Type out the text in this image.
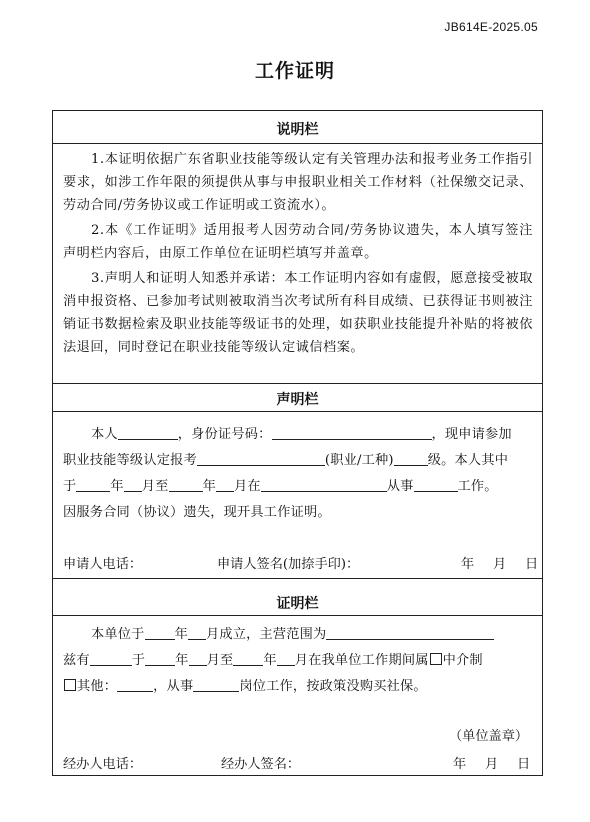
JB614E-2025.05
工作证明
说明栏
1.本证明依据广东省职业技能等级认定有关管理办法和报考业务工作指引要求，如涉工作年限的须提供从事与申报职业相关工作材料（社保缴交记录、劳动合同/劳务协议或工作证明或工资流水）。
2.本《工作证明》适用报考人因劳动合同/劳务协议遗失，本人填写签注声明栏内容后，由原工作单位在证明栏填写并盖章。
3.声明人和证明人知悉并承诺：本工作证明内容如有虚假，愿意接受被取消申报资格、已参加考试则被取消当次考试所有科目成绩、已获得证书则被注销证书数据检索及职业技能等级证书的处理，如获职业技能提升补贴的将被依法退回，同时登记在职业技能等级认定诚信档案。
声明栏
本人	，身份证号码：	，现申请参加
职业技能等级认定报考	(职业/工种)	级。本人其中
于	年 月至	年 月在	从事	工作。
因服务合同（协议）遗失，现开具工作证明。
申请人电话：	申请人签名(加捺手印)：	年 月 日
证明栏
本单位于 年 月成立，主营范围为
兹有	于 年 月至 年 月在我单位工作期间属 中介制
其他：	，从事	岗位工作，按政策没购买社保。
（单位盖章）
经办人电话：	经办人签名：	年 月 日
